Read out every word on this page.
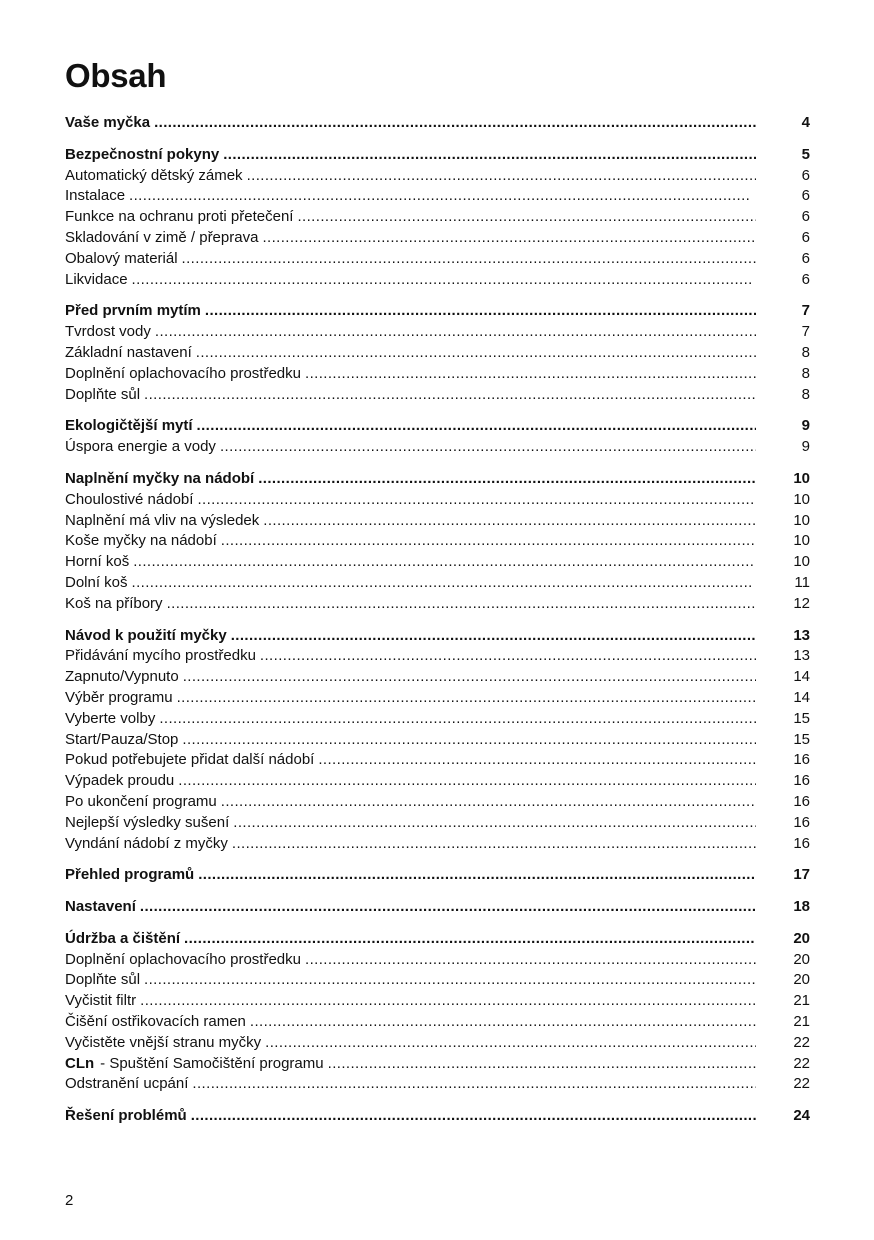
Obsah
Vaše myčka .....	4
Bezpečnostní pokyny .....	5
Automatický dětský zámek .....	6
Instalace .....	6
Funkce na ochranu proti přetečení .....	6
Skladování v zimě / přeprava .....	6
Obalový materiál .....	6
Likvidace .....	6
Před prvním mytím .....	7
Tvrdost vody .....	7
Základní nastavení .....	8
Doplnění oplachovacího prostředku .....	8
Doplňte sůl .....	8
Ekologičtější mytí .....	9
Úspora energie a vody .....	9
Naplnění myčky na nádobí .....	10
Choulostivé nádobí .....	10
Naplnění má vliv na výsledek .....	10
Koše myčky na nádobí .....	10
Horní koš .....	10
Dolní koš .....	11
Koš na příbory .....	12
Návod k použití myčky .....	13
Přidávání mycího prostředku .....	13
Zapnuto/Vypnuto .....	14
Výběr programu .....	14
Vyberte volby .....	15
Start/Pauza/Stop .....	15
Pokud potřebujete přidat další nádobí .....	16
Výpadek proudu .....	16
Po ukončení programu .....	16
Nejlepší výsledky sušení .....	16
Vyndání nádobí z myčky .....	16
Přehled programů .....	17
Nastavení .....	18
Údržba a čištění .....	20
Doplnění oplachovacího prostředku .....	20
Doplňte sůl .....	20
Vyčistit filtr .....	21
Čišění ostřikovacích ramen .....	21
Vyčistěte vnější stranu myčky .....	22
CLn - Spuštění Samočištění programu .....	22
Odstranění ucpání .....	22
Řešení problémů .....	24
2
